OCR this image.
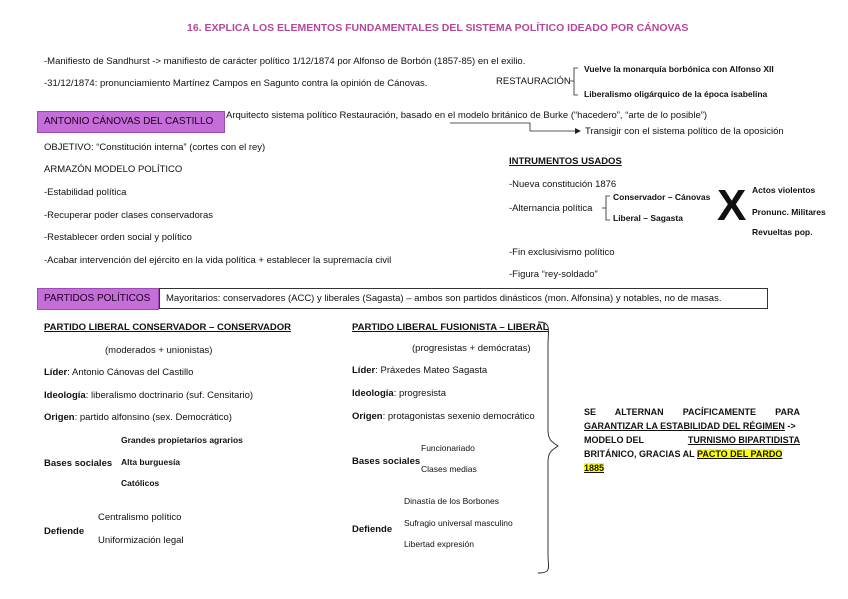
16. EXPLICA LOS ELEMENTOS FUNDAMENTALES DEL SISTEMA POLÍTICO IDEADO POR CÁNOVAS
-Manifiesto de Sandhurst -> manifiesto de carácter político 1/12/1874 por Alfonso de Borbón (1857-85) en el exilio.
-31/12/1874: pronunciamiento Martínez Campos en Sagunto contra la opinión de Cánovas.	RESTAURACIÓN
Vuelve la monarquía borbónica con Alfonso XII
Liberalismo oligárquico de la época isabelina
ANTONIO CÁNOVAS DEL CASTILLO
Arquitecto sistema político Restauración, basado en el modelo británico de Burke (“hacedero”, “arte de lo posible”)
Transigir con el sistema político de la oposición
OBJETIVO: “Constitución interna” (cortes con el rey)
ARMAZÓN MODELO POLÍTICO
-Estabilidad política
-Recuperar poder clases conservadoras
-Restablecer orden social y político
-Acabar intervención del ejército en la vida política + establecer la supremacía civil
INTRUMENTOS USADOS
-Nueva constitución 1876
-Alternancia política
Conservador – Cánovas
Liberal – Sagasta
-Fin exclusivismo político
-Figura “rey-soldado”
X Actos violentos
Pronunc. Militares
Revueltas pop.
PARTIDOS POLÍTICOS	Mayoritarios: conservadores (ACC) y liberales (Sagasta) – ambos son partidos dinásticos (mon. Alfonsina) y notables, no de masas.
PARTIDO LIBERAL CONSERVADOR – CONSERVADOR
(moderados + unionistas)
Líder: Antonio Cánovas del Castillo
Ideología: liberalismo doctrinario (suf. Censitario)
Origen: partido alfonsino (sex. Democrático)
Bases sociales
Grandes propietarios agrarios
Alta burguesía
Católicos
Defiende
Centralismo político
Uniformización legal
PARTIDO LIBERAL FUSIONISTA – LIBERAL
(progresistas + demócratas)
Líder: Práxedes Mateo Sagasta
Ideología: progresista
Origen: protagonistas sexenio democrático
Bases sociales
Funcionariado
Clases medias
Defiende
Dinastía de los Borbones
Sufragio universal masculino
Libertad expresión
SE ALTERNAN PACÍFICAMENTE PARA
GARANTIZAR LA ESTABILIDAD DEL RÉGIMEN ->
MODELO DEL	TURNISMO BIPARTIDISTA
BRITÁNICO, GRACIAS AL PACTO DEL PARDO
1885
